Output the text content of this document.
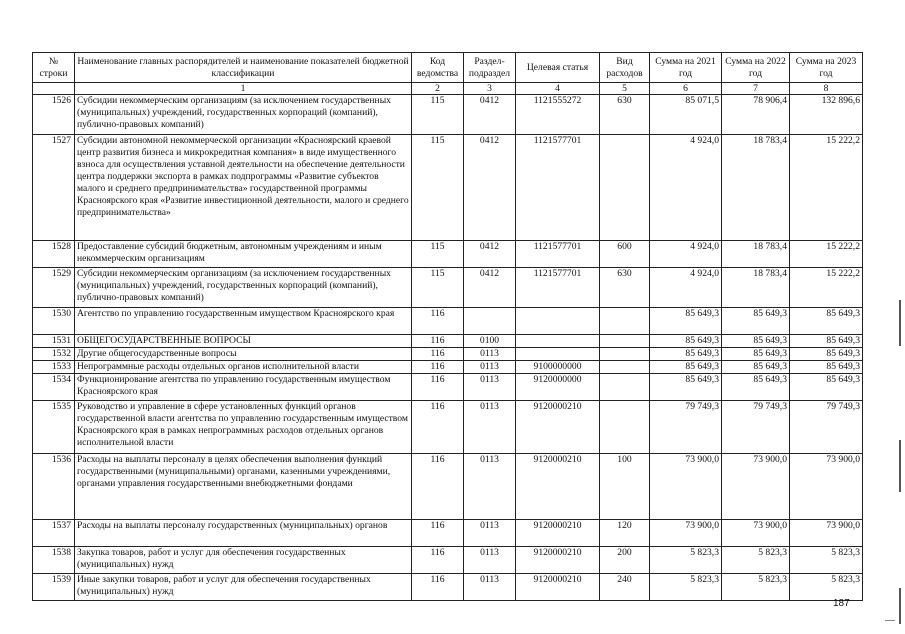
№ строки	Наименование главных распорядителей и наименование показателей бюджетной классификации	Код ведомства	Раздел-подраздел	Целевая статья	Вид расходов	Сумма на 2021 год	Сумма на 2022 год	Сумма на 2023 год
	1	2	3	4	5	6	7	8
1526	Субсидии некоммерческим организациям (за исключением государственных (муниципальных) учреждений, государственных корпораций (компаний), публично-правовых компаний)	115	0412	1121555272	630	85 071,5	78 906,4	132 896,6
1527	Субсидии автономной некоммерческой организации «Красноярский краевой центр развития бизнеса и микрокредитная компания» в виде имущественного взноса для осуществления уставной деятельности на обеспечение деятельности центра поддержки экспорта в рамках подпрограммы «Развитие субъектов малого и среднего предпринимательства» государственной программы Красноярского края «Развитие инвестиционной деятельности, малого и среднего предпринимательства»	115	0412	1121577701		4 924,0	18 783,4	15 222,2
1528	Предоставление субсидий бюджетным, автономным учреждениям и иным некоммерческим организациям	115	0412	1121577701	600	4 924,0	18 783,4	15 222,2
1529	Субсидии некоммерческим организациям (за исключением государственных (муниципальных) учреждений, государственных корпораций (компаний), публично-правовых компаний)	115	0412	1121577701	630	4 924,0	18 783,4	15 222,2
1530	Агентство по управлению государственным имуществом Красноярского края	116				85 649,3	85 649,3	85 649,3
1531	ОБЩЕГОСУДАРСТВЕННЫЕ ВОПРОСЫ	116	0100			85 649,3	85 649,3	85 649,3
1532	Другие общегосударственные вопросы	116	0113			85 649,3	85 649,3	85 649,3
1533	Непрограммные расходы отдельных органов исполнительной власти	116	0113	9100000000		85 649,3	85 649,3	85 649,3
1534	Функционирование агентства по управлению государственным имуществом Красноярского края	116	0113	9120000000		85 649,3	85 649,3	85 649,3
1535	Руководство и управление в сфере установленных функций органов государственной власти агентства по управлению государственным имуществом Красноярского края в рамках непрограммных расходов отдельных органов исполнительной власти	116	0113	9120000210		79 749,3	79 749,3	79 749,3
1536	Расходы на выплаты персоналу в целях обеспечения выполнения функций государственными (муниципальными) органами, казенными учреждениями, органами управления государственными внебюджетными фондами	116	0113	9120000210	100	73 900,0	73 900,0	73 900,0
1537	Расходы на выплаты персоналу государственных (муниципальных) органов	116	0113	9120000210	120	73 900,0	73 900,0	73 900,0
1538	Закупка товаров, работ и услуг для обеспечения государственных (муниципальных) нужд	116	0113	9120000210	200	5 823,3	5 823,3	5 823,3
1539	Иные закупки товаров, работ и услуг для обеспечения государственных (муниципальных) нужд	116	0113	9120000210	240	5 823,3	5 823,3	5 823,3
187
